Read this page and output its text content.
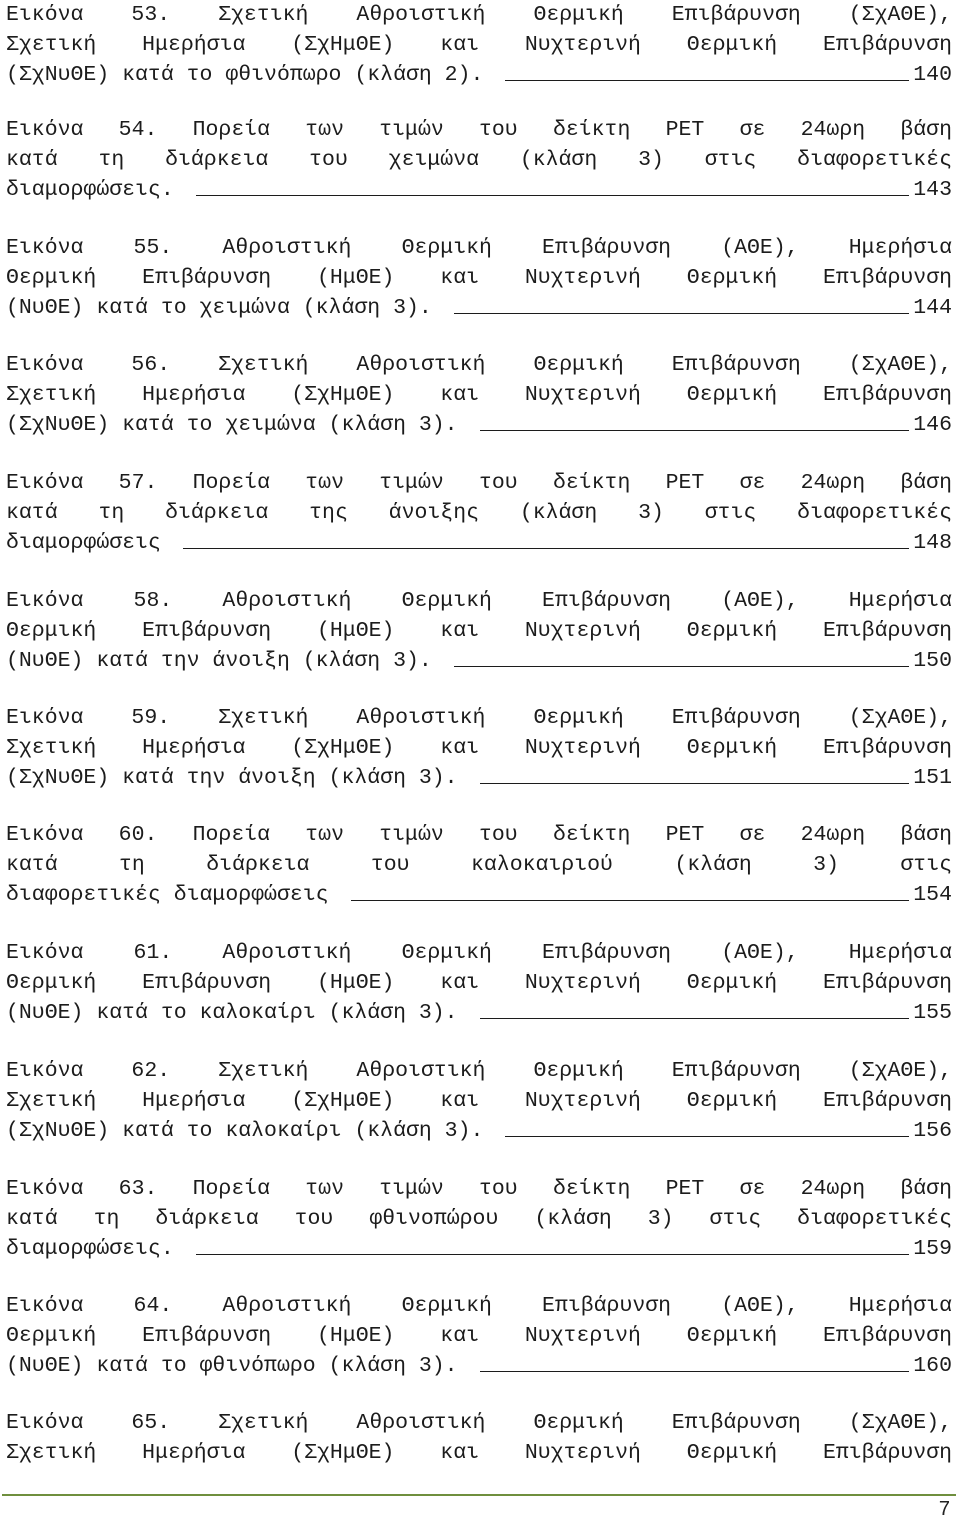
Εικόνα 53. Σχετική Αθροιστική Θερμική Επιβάρυνση (ΣχΑΘΕ),
Σχετική Ημερήσια (ΣχΗμΘΕ) και Νυχτερινή Θερμική Επιβάρυνση
(ΣχΝυΘΕ) κατά το φθινόπωρο (κλάση 2).	140
Εικόνα 54. Πορεία των τιμών του δείκτη PET σε 24ωρη βάση
κατά τη διάρκεια του χειμώνα (κλάση 3) στις διαφορετικές
διαμορφώσεις.	143
Εικόνα 55. Αθροιστική Θερμική Επιβάρυνση (ΑΘΕ), Ημερήσια
Θερμική Επιβάρυνση (ΗμΘΕ) και Νυχτερινή Θερμική Επιβάρυνση
(ΝυΘΕ) κατά το χειμώνα (κλάση 3).	144
Εικόνα 56. Σχετική Αθροιστική Θερμική Επιβάρυνση (ΣχΑΘΕ),
Σχετική Ημερήσια (ΣχΗμΘΕ) και Νυχτερινή Θερμική Επιβάρυνση
(ΣχΝυΘΕ) κατά το χειμώνα (κλάση 3).	146
Εικόνα 57. Πορεία των τιμών του δείκτη PET σε 24ωρη βάση
κατά τη διάρκεια της άνοιξης (κλάση 3) στις διαφορετικές
διαμορφώσεις	148
Εικόνα 58. Αθροιστική Θερμική Επιβάρυνση (ΑΘΕ), Ημερήσια
Θερμική Επιβάρυνση (ΗμΘΕ) και Νυχτερινή Θερμική Επιβάρυνση
(ΝυΘΕ) κατά την άνοιξη (κλάση 3).	150
Εικόνα 59. Σχετική Αθροιστική Θερμική Επιβάρυνση (ΣχΑΘΕ),
Σχετική Ημερήσια (ΣχΗμΘΕ) και Νυχτερινή Θερμική Επιβάρυνση
(ΣχΝυΘΕ) κατά την άνοιξη (κλάση 3).	151
Εικόνα 60. Πορεία των τιμών του δείκτη PET σε 24ωρη βάση
κατά τη διάρκεια του καλοκαιριού (κλάση 3) στις
διαφορετικές διαμορφώσεις	154
Εικόνα 61. Αθροιστική Θερμική Επιβάρυνση (ΑΘΕ), Ημερήσια
Θερμική Επιβάρυνση (ΗμΘΕ) και Νυχτερινή Θερμική Επιβάρυνση
(ΝυΘΕ) κατά το καλοκαίρι (κλάση 3).	155
Εικόνα 62. Σχετική Αθροιστική Θερμική Επιβάρυνση (ΣχΑΘΕ),
Σχετική Ημερήσια (ΣχΗμΘΕ) και Νυχτερινή Θερμική Επιβάρυνση
(ΣχΝυΘΕ) κατά το καλοκαίρι (κλάση 3).	156
Εικόνα 63. Πορεία των τιμών του δείκτη PET σε 24ωρη βάση
κατά τη διάρκεια του φθινοπώρου (κλάση 3) στις διαφορετικές
διαμορφώσεις.	159
Εικόνα 64. Αθροιστική Θερμική Επιβάρυνση (ΑΘΕ), Ημερήσια
Θερμική Επιβάρυνση (ΗμΘΕ) και Νυχτερινή Θερμική Επιβάρυνση
(ΝυΘΕ) κατά το φθινόπωρο (κλάση 3).	160
Εικόνα 65. Σχετική Αθροιστική Θερμική Επιβάρυνση (ΣχΑΘΕ),
Σχετική Ημερήσια (ΣχΗμΘΕ) και Νυχτερινή Θερμική Επιβάρυνση
7
